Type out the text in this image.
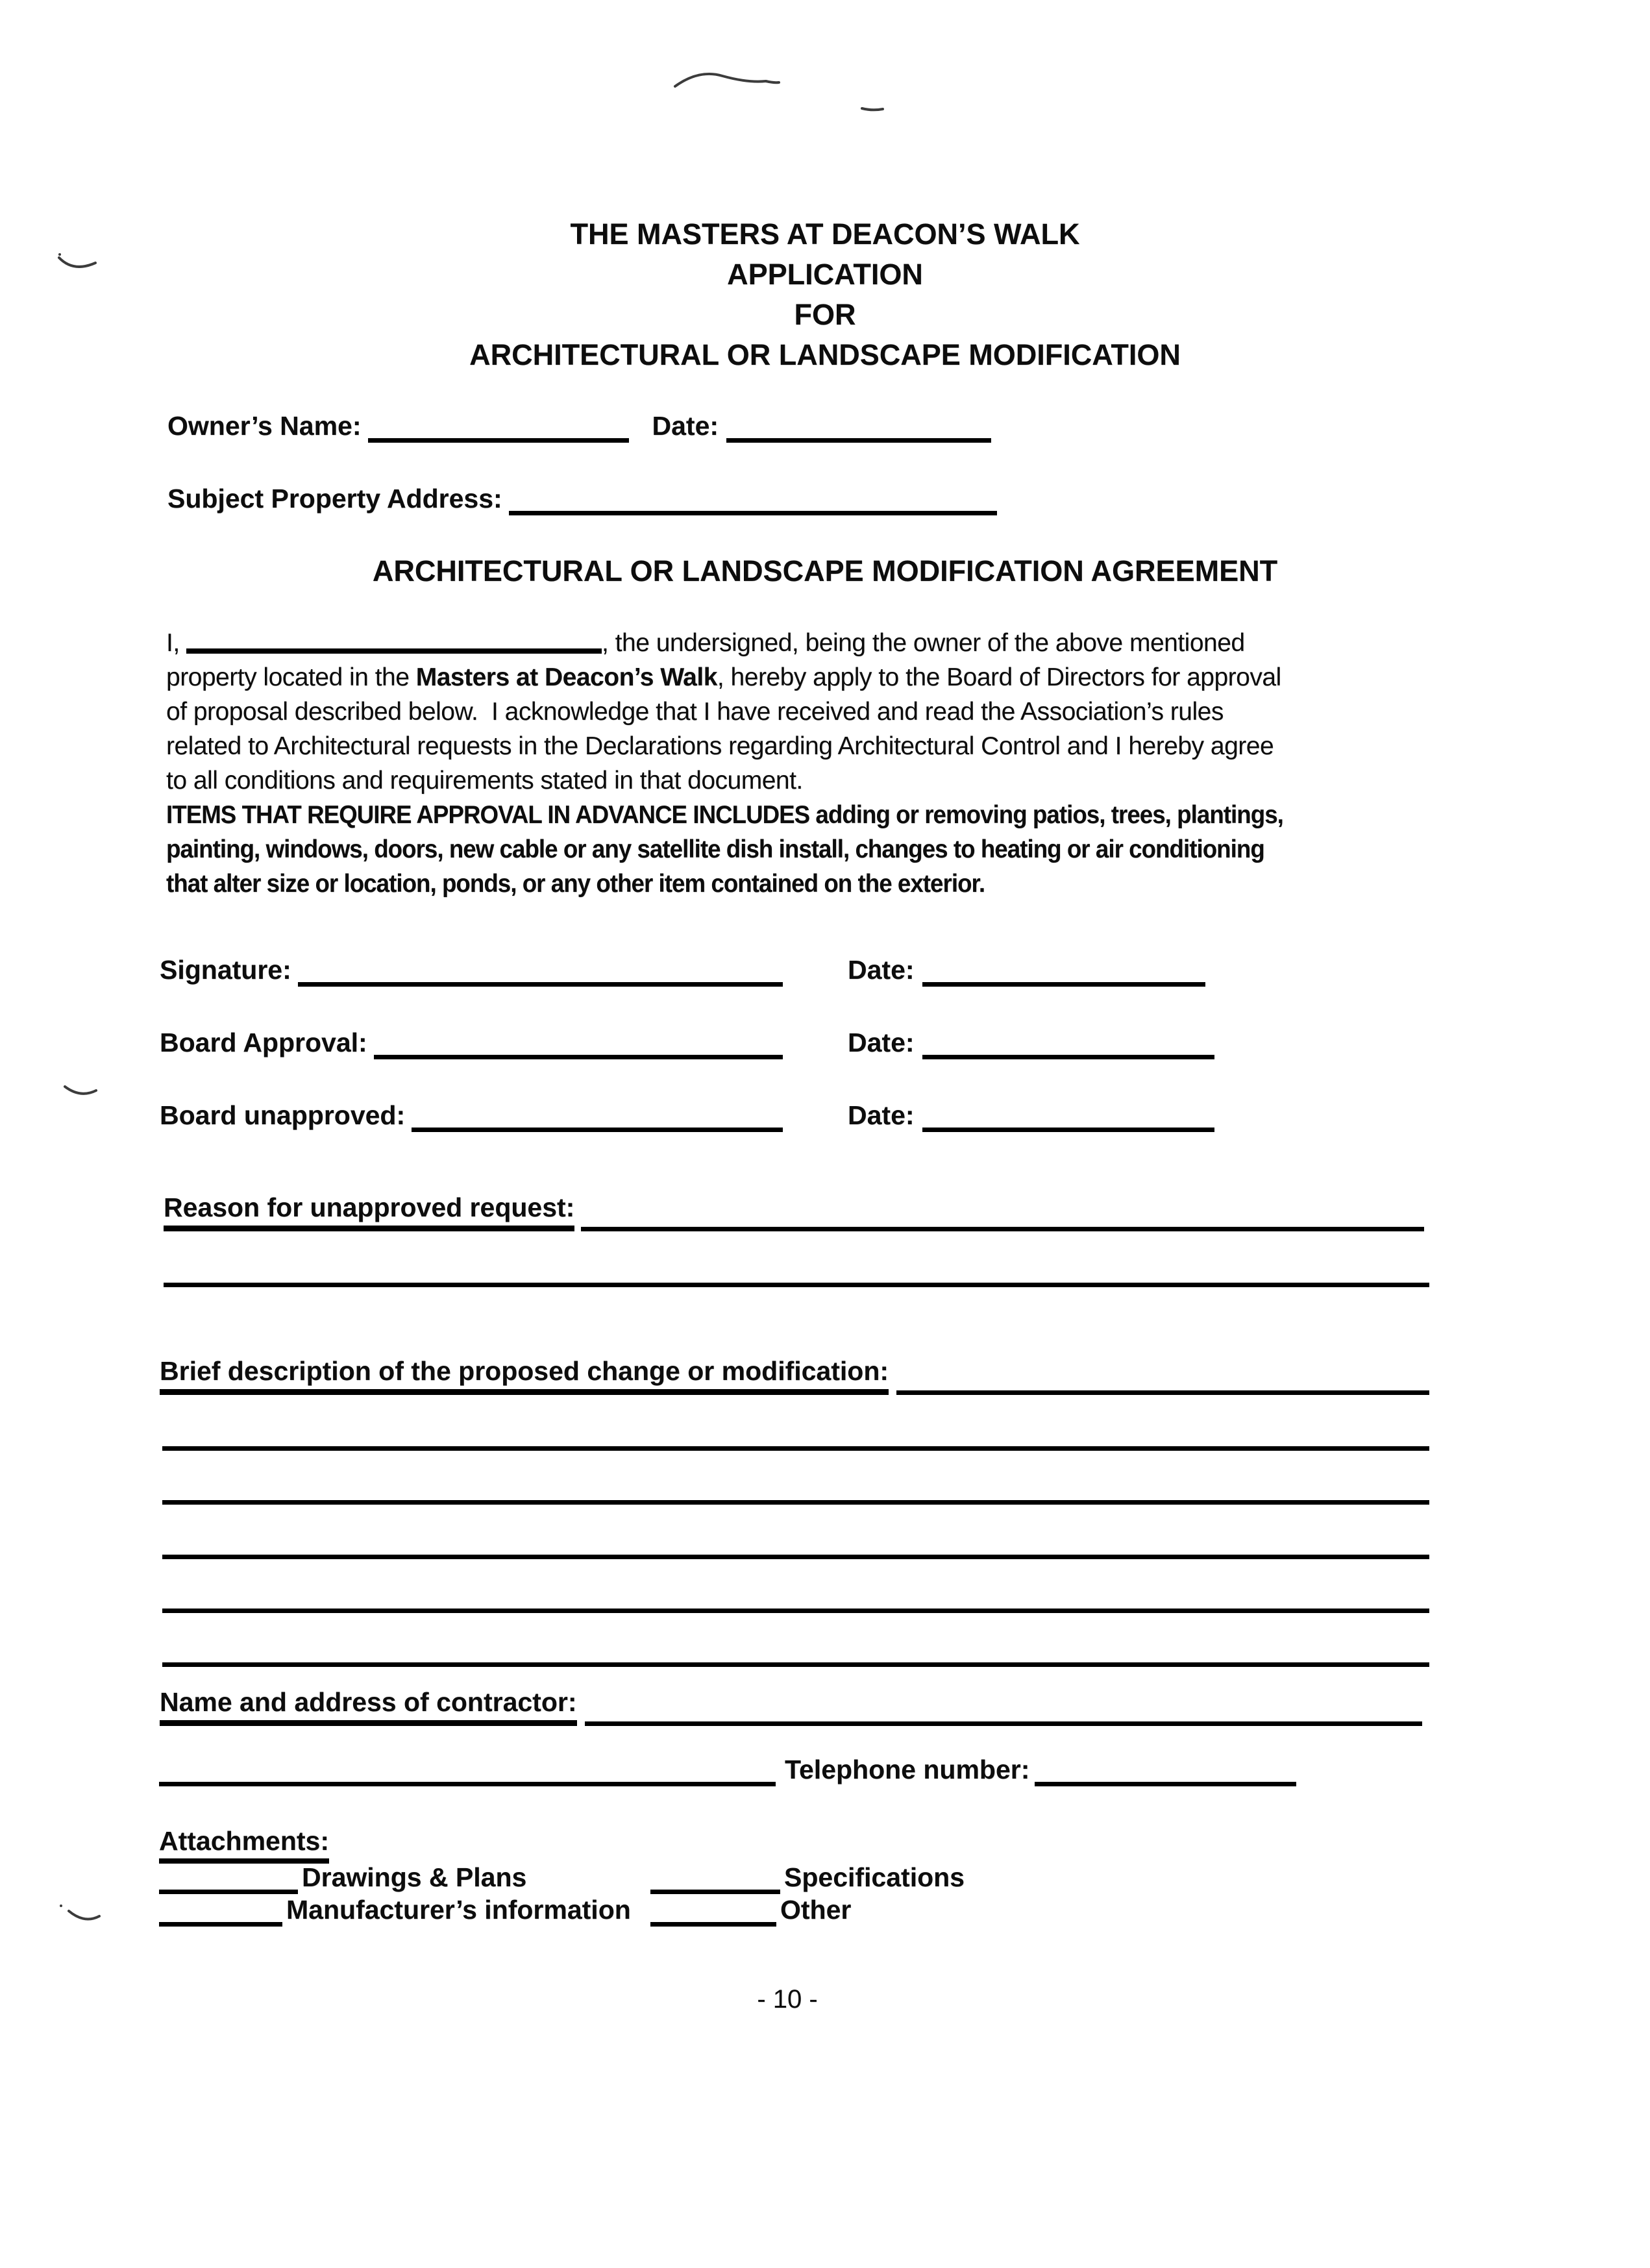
THE MASTERS AT DEACON’S WALK
APPLICATION
FOR
ARCHITECTURAL OR LANDSCAPE MODIFICATION
Owner’s Name:	Date:
Subject Property Address:
ARCHITECTURAL OR LANDSCAPE MODIFICATION AGREEMENT
I,	, the undersigned, being the owner of the above mentioned
property located in the Masters at Deacon’s Walk, hereby apply to the Board of Directors for approval
of proposal described below.  I acknowledge that I have received and read the Association’s rules
related to Architectural requests in the Declarations regarding Architectural Control and I hereby agree
to all conditions and requirements stated in that document.
ITEMS THAT REQUIRE APPROVAL IN ADVANCE INCLUDES adding or removing patios, trees, plantings,
painting, windows, doors, new cable or any satellite dish install, changes to heating or air conditioning
that alter size or location, ponds, or any other item contained on the exterior.
Signature:	Date:
Board Approval:	Date:
Board unapproved:	Date:
Reason for unapproved request:
Brief description of the proposed change or modification:
Name and address of contractor:
Telephone number:
Attachments:
Drawings & Plans	Specifications
Manufacturer’s information	Other
- 10 -
